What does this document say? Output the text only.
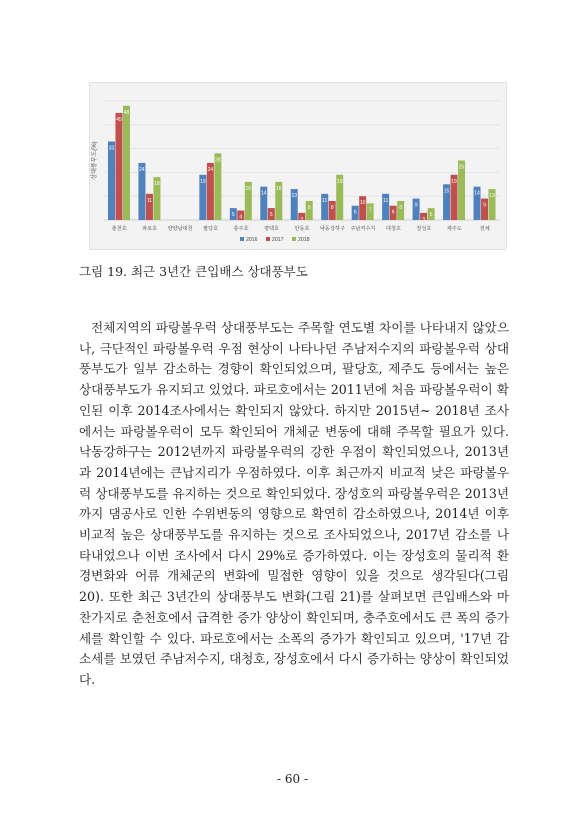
상대풍부도(%) 33
45
48
춘천호
24
11
18
파로호 양양남대천
19
24
28
팔당호
5 4
16
충주호
14
5
16
평택호
13
3
8
안동호
11
8
19
낙동강하구
6
10
7
주남저수지
11
6
8
대청호
9
3
5
장성호
15
19
25
제주도
14
9
13
전체
2016	2017	2018
그림 19. 최근 3년간 큰입배스 상대풍부도
전체지역의 파랑볼우럭 상대풍부도는 주목할 연도별 차이를 나타내지 않았으나, 극단적인 파랑볼우럭 우점 현상이 나타나던 주남저수지의 파랑볼우럭 상대풍부도가 일부 감소하는 경향이 확인되었으며, 팔당호, 제주도 등에서는 높은 상대풍부도가 유지되고 있었다. 파로호에서는 2011년에 처음 파랑볼우럭이 확인된 이후 2014조사에서는 확인되지 않았다. 하지만 2015년~ 2018년 조사에서는 파랑볼우럭이 모두 확인되어 개체군 변동에 대해 주목할 필요가 있다. 낙동강하구는 2012년까지 파랑볼우럭의 강한 우점이 확인되었으나, 2013년과 2014년에는 큰납지리가 우점하였다. 이후 최근까지 비교적 낮은 파랑볼우럭 상대풍부도를 유지하는 것으로 확인되었다. 장성호의 파랑볼우럭은 2013년까지 댐공사로 인한 수위변동의 영향으로 확연히 감소하였으나, 2014년 이후 비교적 높은 상대풍부도를 유지하는 것으로 조사되었으나, 2017년 감소를 나타내었으나 이번 조사에서 다시 29%로 증가하였다. 이는 장성호의 물리적 환경변화와 어류 개체군의 변화에 밀접한 영향이 있을 것으로 생각된다(그림 20). 또한 최근 3년간의 상대풍부도 변화(그림 21)를 살펴보면 큰입배스와 마찬가지로 춘천호에서 급격한 증가 양상이 확인되며, 충주호에서도 큰 폭의 증가세를 확인할 수 있다. 파로호에서는 소폭의 증가가 확인되고 있으며, '17년 감소세를 보였던 주남저수지, 대청호, 장성호에서 다시 증가하는 양상이 확인되었다.
- 60 -
